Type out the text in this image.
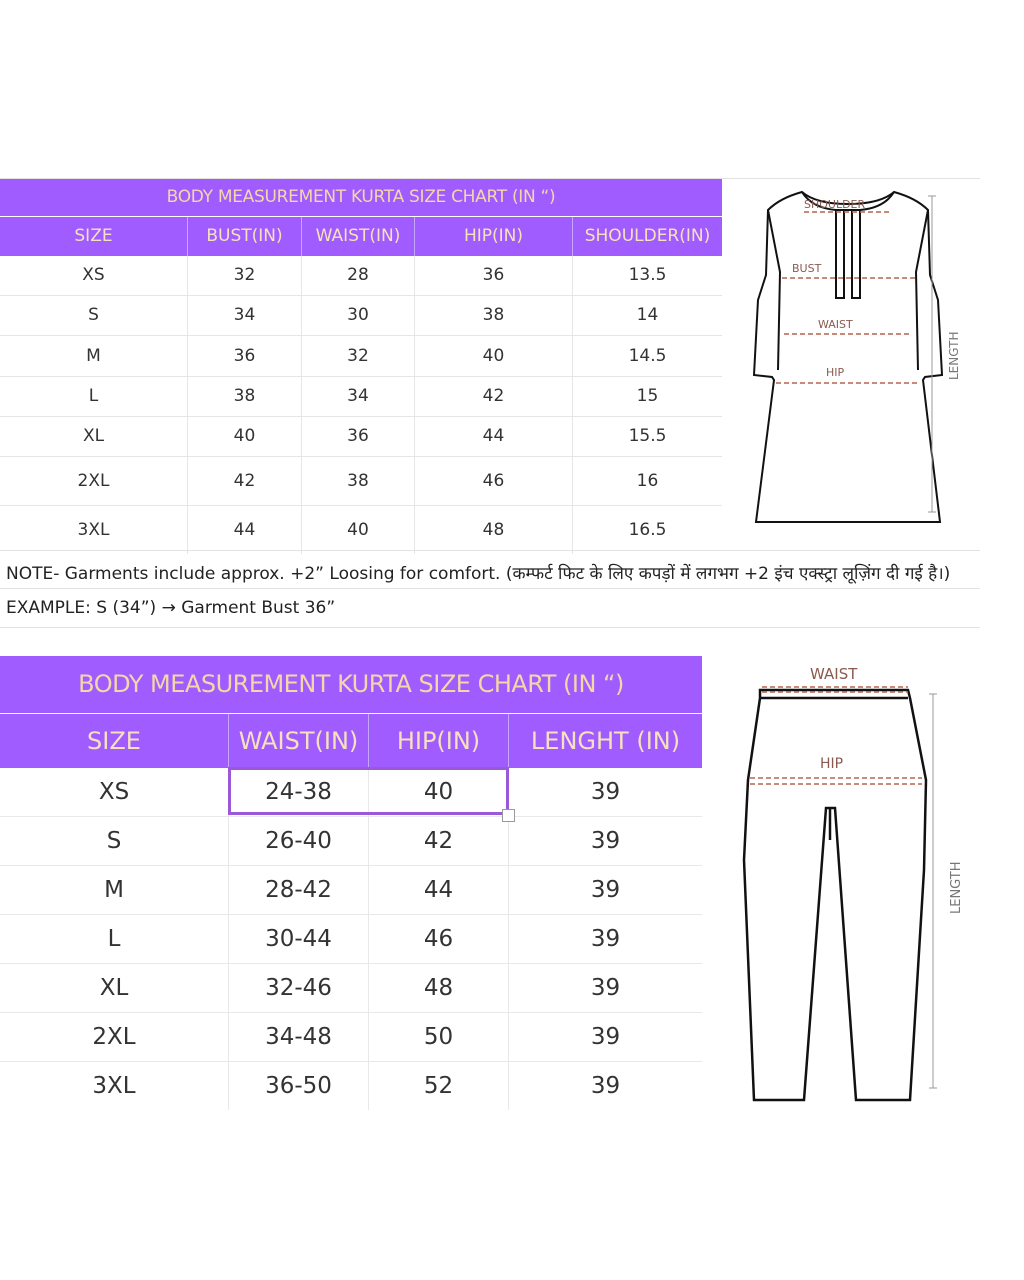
BODY MEASUREMENT KURTA SIZE CHART (IN “)
SIZE	BUST(IN)	WAIST(IN)	HIP(IN)	SHOULDER(IN)
XS	32	28	36	13.5
S	34	30	38	14
M	36	32	40	14.5
L	38	34	42	15
XL	40	36	44	15.5
2XL	42	38	46	16
3XL	44	40	48	16.5
SHOULDER
BUST
WAIST
HIP	LENGTH
NOTE- Garments include approx. +2” Loosing for comfort. (कम्फर्ट फिट के लिए कपड़ों में लगभग +2 इंच एक्स्ट्रा लूज़िंग दी गई है।)
EXAMPLE: S (34”) → Garment Bust 36”
BODY MEASUREMENT KURTA SIZE CHART (IN “)
SIZE	WAIST(IN)	HIP(IN)	LENGHT (IN)
XS	24-38	40	39
S	26-40	42	39
M	28-42	44	39
L	30-44	46	39
XL	32-46	48	39
2XL	34-48	50	39
3XL	36-50	52	39
WAIST
HIP
LENGTH
